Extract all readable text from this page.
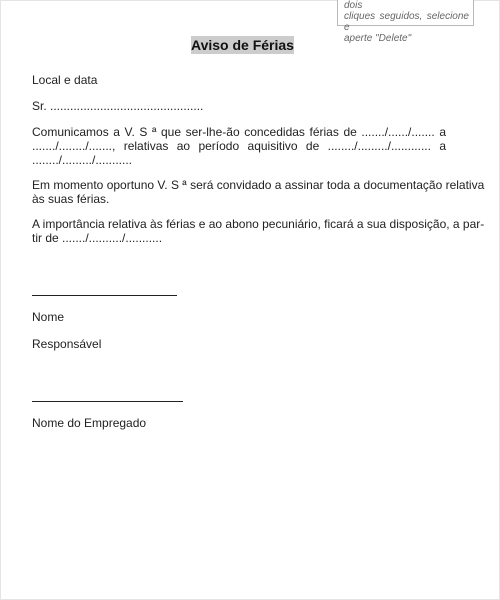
dois
cliques seguidos, selecione e
aperte "Delete"
Aviso de Férias
Local e data
Sr. ..............................................
Comunicamos a V. S ª que ser-lhe-ão concedidas férias de ......./....../....... a
......./......../......., relativas ao período aquisitivo de ......../........./............ a
......../........./...........
Em momento oportuno V. S ª será convidado a assinar toda a documentação relativa
às suas férias.
A importância relativa às férias e ao abono pecuniário, ficará a sua disposição, a par-
tir de ......./........../...........
Nome
Responsável
Nome do Empregado
